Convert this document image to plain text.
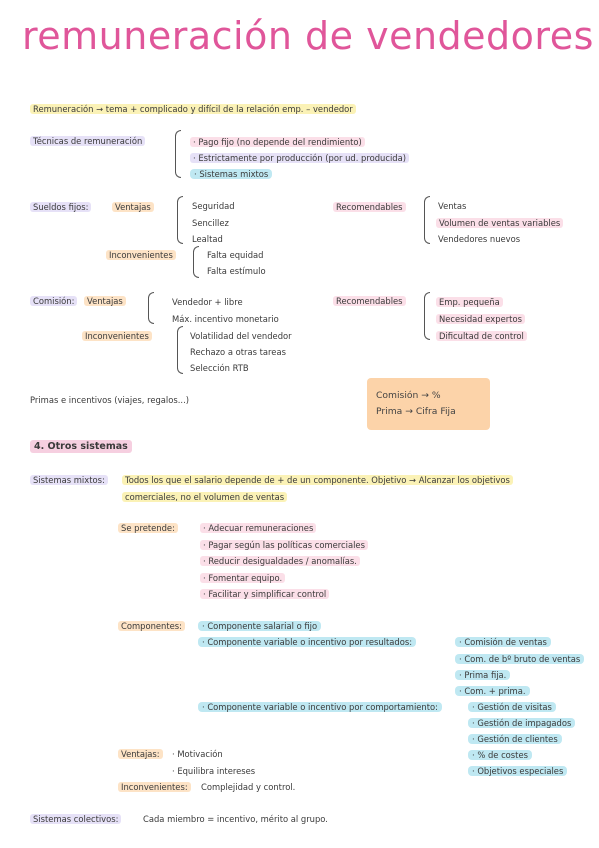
remuneración de vendedores
Remuneración → tema + complicado y difícil de la relación emp. – vendedor
Técnicas de remuneración	· Pago fijo (no depende del rendimiento)
· Estrictamente por producción (por ud. producida)
· Sistemas mixtos
Sueldos fijos:	Ventajas	Seguridad
Sencillez
Lealtad
Inconvenientes	Falta equidad
Falta estímulo
Recomendables	Ventas
Volumen de ventas variables
Vendedores nuevos
Comisión:	Ventajas	Vendedor + libre
Máx. incentivo monetario
Inconvenientes	Volatilidad del vendedor
Rechazo a otras tareas
Selección RTB
Recomendables	Emp. pequeña
Necesidad expertos
Dificultad de control
Primas e incentivos (viajes, regalos...)	Comisión → %
Prima → Cifra Fija
4. Otros sistemas
Sistemas mixtos:	Todos los que el salario depende de + de un componente. Objetivo → Alcanzar los objetivos
comerciales, no el volumen de ventas
Se pretende:	· Adecuar remuneraciones
· Pagar según las políticas comerciales
· Reducir desigualdades / anomalías.
· Fomentar equipo.
· Facilitar y simplificar control
Componentes:	· Componente salarial o fijo
· Componente variable o incentivo por resultados:	· Comisión de ventas
· Com. de bº bruto de ventas
· Prima fija.
· Com. + prima.
· Componente variable o incentivo por comportamiento:	· Gestión de visitas
· Gestión de impagados
· Gestión de clientes
· % de costes
· Objetivos especiales
Ventajas:	· Motivación
· Equilibra intereses
Inconvenientes:	Complejidad y control.
Sistemas colectivos:	Cada miembro = incentivo, mérito al grupo.
